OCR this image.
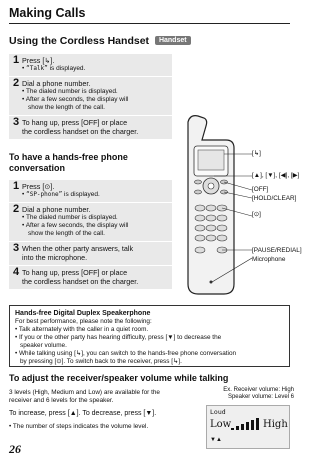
Making Calls
Using the Cordless Handset Handset
1 Press [↳].
• “Talk” is displayed.
2 Dial a phone number.
• The dialed number is displayed.
• After a few seconds, the display will
show the length of the call.
3 To hang up, press [OFF] or place
the cordless handset on the charger.
To have a hands-free phone
conversation
1 Press [⊙].
• “SP-phone” is displayed.
2 Dial a phone number.
• The dialed number is displayed.
• After a few seconds, the display will
show the length of the call.
3 When the other party answers, talk
into the microphone.
4 To hang up, press [OFF] or place
the cordless handset on the charger.
[↳]
[▲], [▼], [◀], [▶]
[OFF]
[HOLD/CLEAR]
[⊙]
[PAUSE/REDIAL]
Microphone
Hands-free Digital Duplex Speakerphone
For best performance, please note the following:
• Talk alternately with the caller in a quiet room.
• If you or the other party has hearing difficulty, press [▼] to decrease the
speaker volume.
• While talking using [↳], you can switch to the hands-free phone conversation
by pressing [⊙]. To switch back to the receiver, press [↳].
To adjust the receiver/speaker volume while talking
3 levels (High, Medium and Low) are available for the
receiver and 6 levels for the speaker.
To increase, press [▲]. To decrease, press [▼].
• The number of steps indicates the volume level.
Ex. Receiver volume: High
Speaker volume: Level 6
Loud
Low	High
▼▲
26
